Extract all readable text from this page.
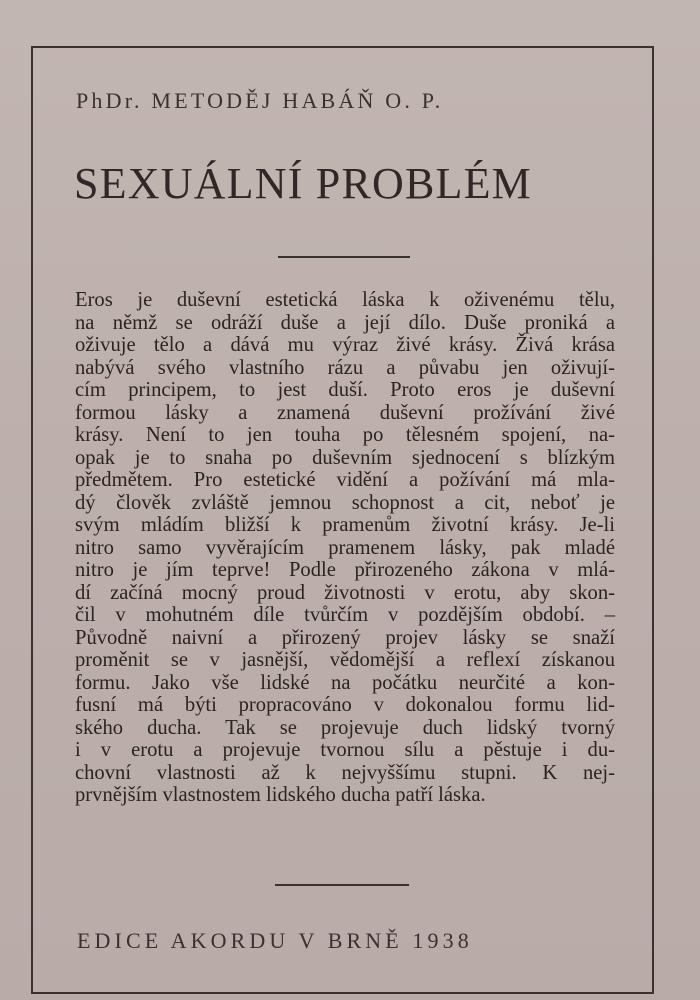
PhDr. METODĚJ HABÁŇ O. P.
SEXUÁLNÍ PROBLÉM
Eros je duševní estetická láska k oživenému tělu,
na němž se odráží duše a její dílo. Duše proniká a
oživuje tělo a dává mu výraz živé krásy. Živá krása
nabývá svého vlastního rázu a půvabu jen oživují-
cím principem, to jest duší. Proto eros je duševní
formou lásky a znamená duševní prožívání živé
krásy. Není to jen touha po tělesném spojení, na-
opak je to snaha po duševním sjednocení s blízkým
předmětem. Pro estetické vidění a požívání má mla-
dý člověk zvláště jemnou schopnost a cit, neboť je
svým mládím bližší k pramenům životní krásy. Je-li
nitro samo vyvěrajícím pramenem lásky, pak mladé
nitro je jím teprve! Podle přirozeného zákona v mlá-
dí začíná mocný proud životnosti v erotu, aby skon-
čil v mohutném díle tvůrčím v pozdějším období. –
Původně naivní a přirozený projev lásky se snaží
proměnit se v jasnější, vědomější a reflexí získanou
formu. Jako vše lidské na počátku neurčité a kon-
fusní má býti propracováno v dokonalou formu lid-
ského ducha. Tak se projevuje duch lidský tvorný
i v erotu a projevuje tvornou sílu a pěstuje i du-
chovní vlastnosti až k nejvyššímu stupni. K nej-
prvnějším vlastnostem lidského ducha patří láska.
EDICE AKORDU V BRNĚ 1938
